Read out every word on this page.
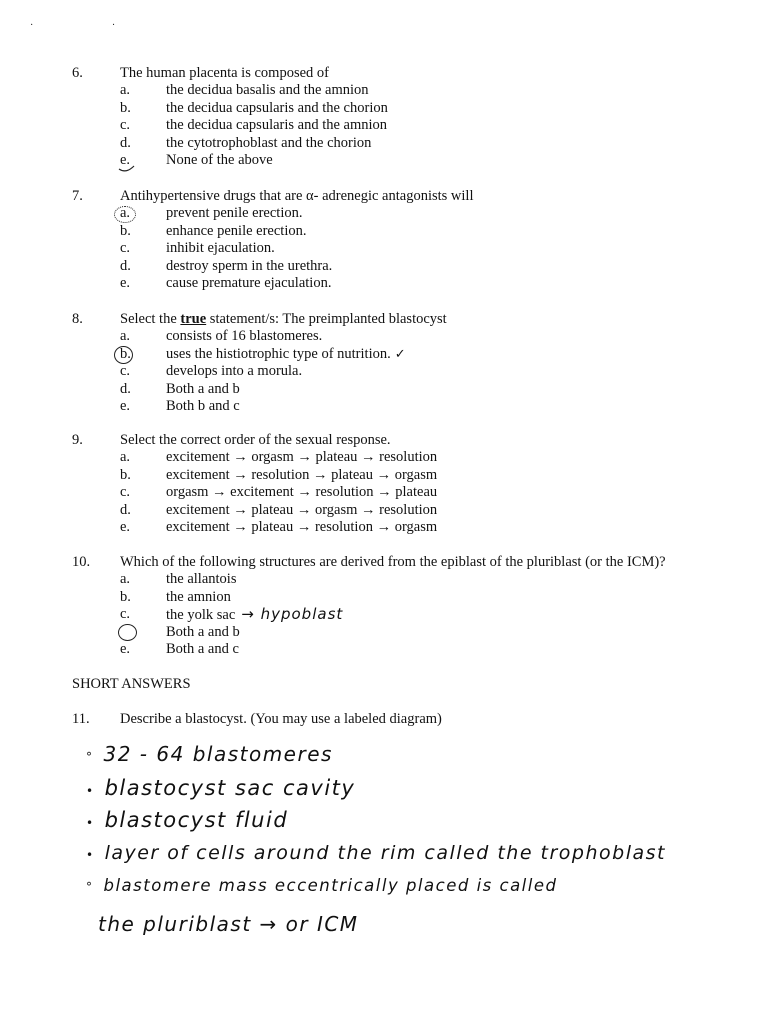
· ·
6.	The human placenta is composed of
a.	the decidua basalis and the amnion
b.	the decidua capsularis and the chorion
c.	the decidua capsularis and the amnion
d.	the cytotrophoblast and the chorion
e.	None of the above
7.	Antihypertensive drugs that are α- adrenegic antagonists will
a.	prevent penile erection.
b.	enhance penile erection.
c.	inhibit ejaculation.
d.	destroy sperm in the urethra.
e.	cause premature ejaculation.
8.	Select the true statement/s: The preimplanted blastocyst
a.	consists of 16 blastomeres.
b.	uses the histiotrophic type of nutrition. ✓
c.	develops into a morula.
d.	Both a and b
e.	Both b and c
9.	Select the correct order of the sexual response.
a.	excitement → orgasm → plateau → resolution
b.	excitement → resolution → plateau → orgasm
c.	orgasm → excitement → resolution → plateau
d.	excitement → plateau → orgasm → resolution
e.	excitement → plateau → resolution → orgasm
10. Which of the following structures are derived from the epiblast of the pluriblast (or the ICM)?
a.	the allantois
b.	the amnion
c.	the yolk sac → hypoblast
d.	Both a and b
e.	Both a and c
SHORT ANSWERS
11. Describe a blastocyst. (You may use a labeled diagram)
° 32 - 64 blastomeres
• blastocyst sac cavity
• blastocyst fluid
• layer of cells around the rim called the trophoblast
° blastomere mass eccentrically placed is called
the pluriblast → or ICM
